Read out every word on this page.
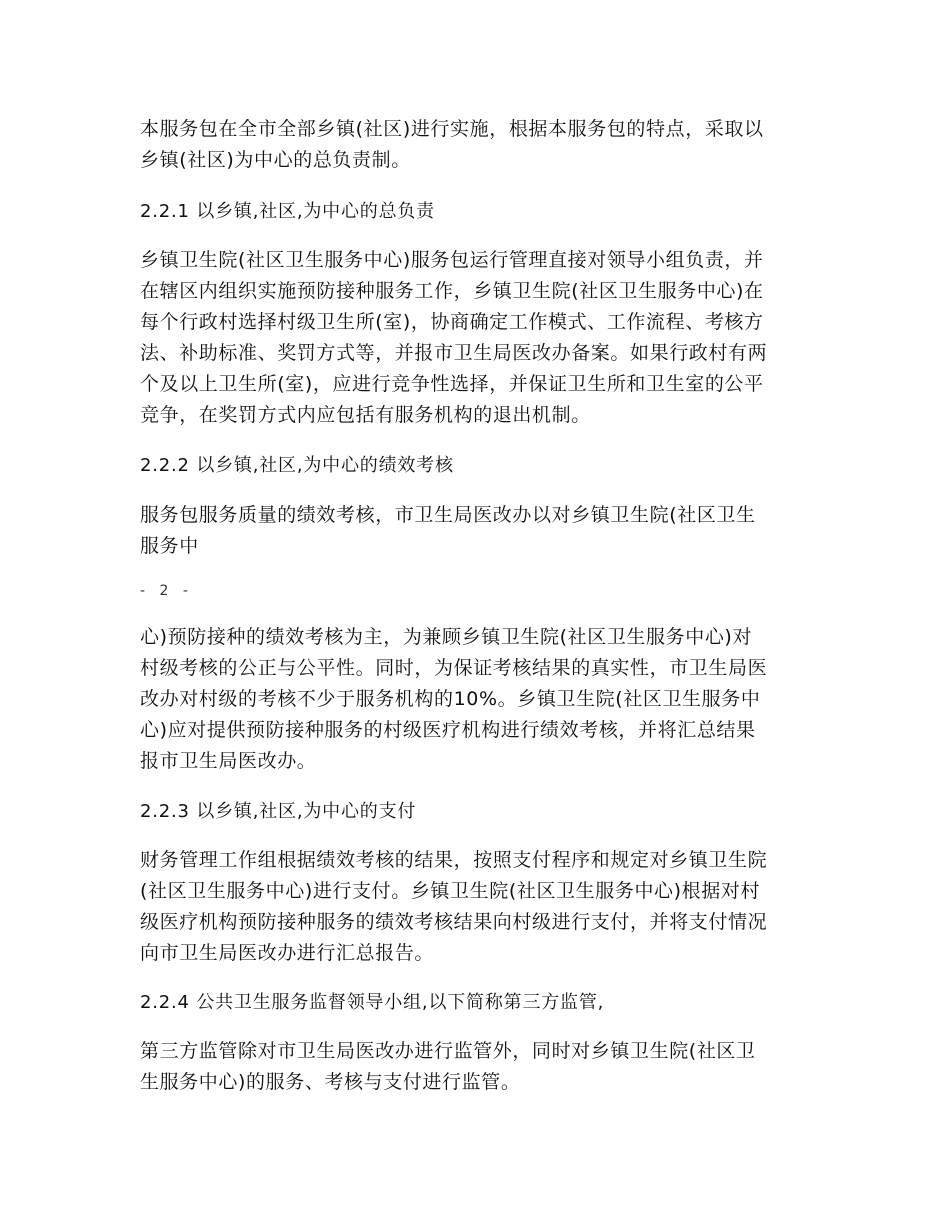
本服务包在全市全部乡镇(社区)进行实施，根据本服务包的特点，采取以
乡镇(社区)为中心的总负责制。

2.2.1 以乡镇,社区,为中心的总负责

乡镇卫生院(社区卫生服务中心)服务包运行管理直接对领导小组负责，并
在辖区内组织实施预防接种服务工作，乡镇卫生院(社区卫生服务中心)在
每个行政村选择村级卫生所(室)，协商确定工作模式、工作流程、考核方
法、补助标准、奖罚方式等，并报市卫生局医改办备案。如果行政村有两
个及以上卫生所(室)，应进行竞争性选择，并保证卫生所和卫生室的公平
竞争，在奖罚方式内应包括有服务机构的退出机制。

2.2.2 以乡镇,社区,为中心的绩效考核

服务包服务质量的绩效考核，市卫生局医改办以对乡镇卫生院(社区卫生
服务中

- 2 -

心)预防接种的绩效考核为主，为兼顾乡镇卫生院(社区卫生服务中心)对
村级考核的公正与公平性。同时，为保证考核结果的真实性，市卫生局医
改办对村级的考核不少于服务机构的10%。乡镇卫生院(社区卫生服务中
心)应对提供预防接种服务的村级医疗机构进行绩效考核，并将汇总结果
报市卫生局医改办。

2.2.3 以乡镇,社区,为中心的支付

财务管理工作组根据绩效考核的结果，按照支付程序和规定对乡镇卫生院
(社区卫生服务中心)进行支付。乡镇卫生院(社区卫生服务中心)根据对村
级医疗机构预防接种服务的绩效考核结果向村级进行支付，并将支付情况
向市卫生局医改办进行汇总报告。

2.2.4 公共卫生服务监督领导小组,以下简称第三方监管,

第三方监管除对市卫生局医改办进行监管外，同时对乡镇卫生院(社区卫
生服务中心)的服务、考核与支付进行监管。
